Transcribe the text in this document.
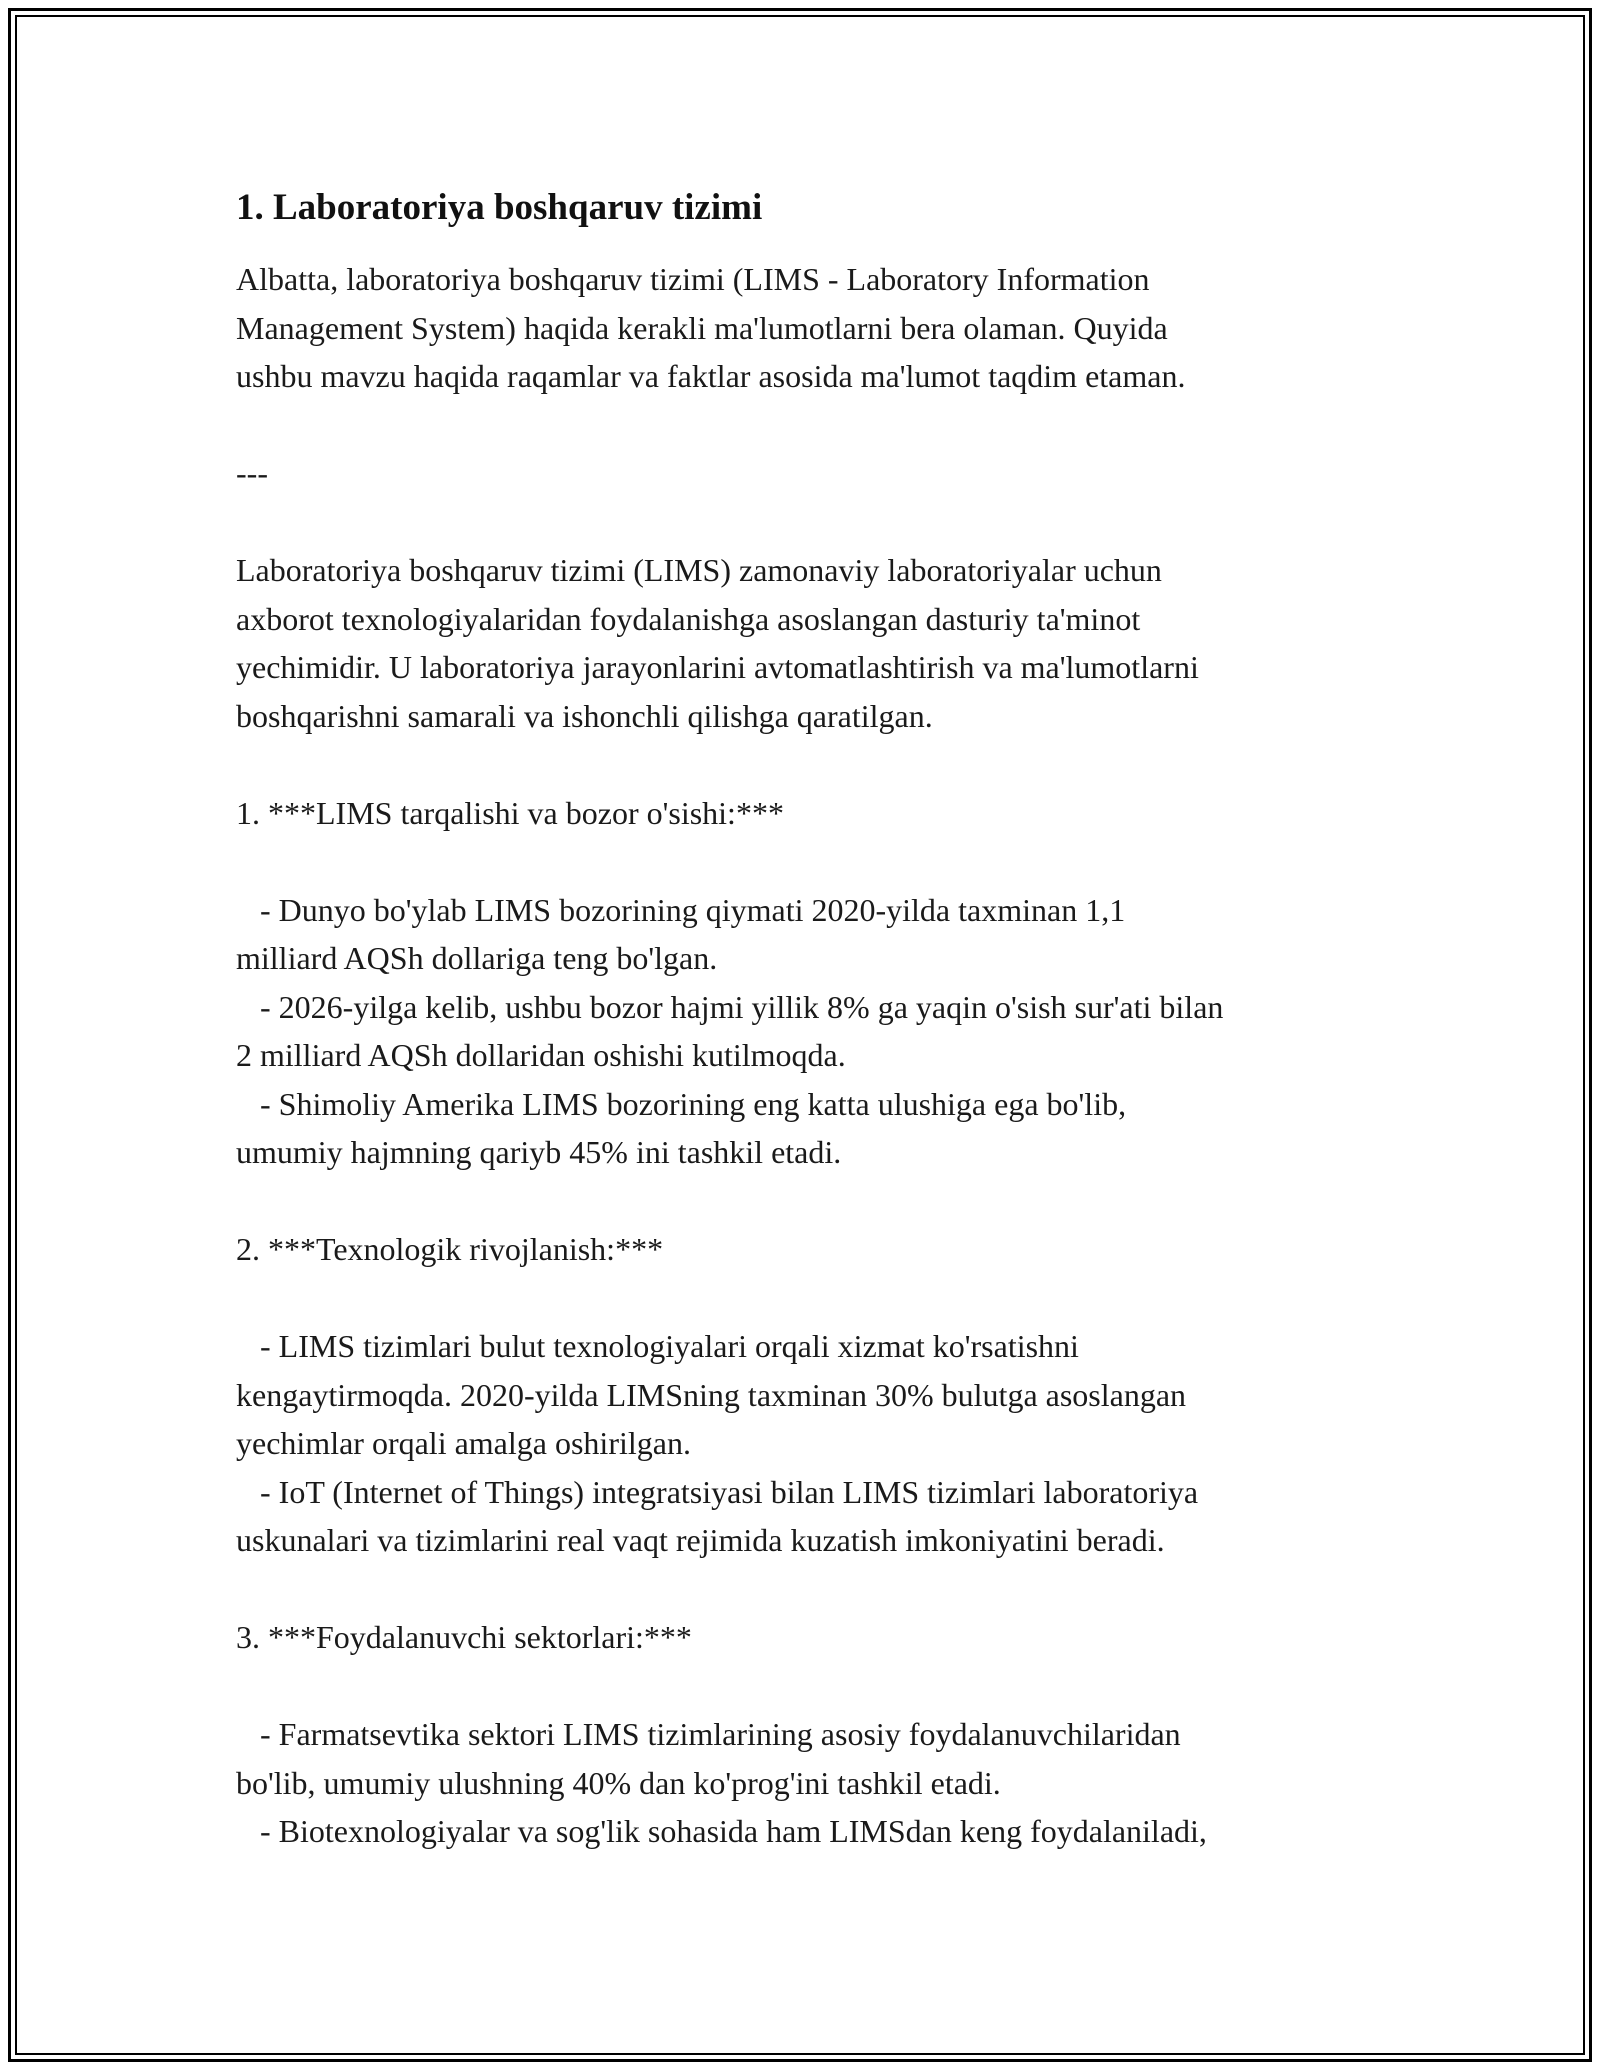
1. Laboratoriya boshqaruv tizimi

Albatta, laboratoriya boshqaruv tizimi (LIMS - Laboratory Information
Management System) haqida kerakli ma'lumotlarni bera olaman. Quyida
ushbu mavzu haqida raqamlar va faktlar asosida ma'lumot taqdim etaman.

---

Laboratoriya boshqaruv tizimi (LIMS) zamonaviy laboratoriyalar uchun
axborot texnologiyalaridan foydalanishga asoslangan dasturiy ta'minot
yechimidir. U laboratoriya jarayonlarini avtomatlashtirish va ma'lumotlarni
boshqarishni samarali va ishonchli qilishga qaratilgan.

1. ***LIMS tarqalishi va bozor o'sishi:***

- Dunyo bo'ylab LIMS bozorining qiymati 2020-yilda taxminan 1,1
milliard AQSh dollariga teng bo'lgan.
- 2026-yilga kelib, ushbu bozor hajmi yillik 8% ga yaqin o'sish sur'ati bilan
2 milliard AQSh dollaridan oshishi kutilmoqda.
- Shimoliy Amerika LIMS bozorining eng katta ulushiga ega bo'lib,
umumiy hajmning qariyb 45% ini tashkil etadi.

2. ***Texnologik rivojlanish:***

- LIMS tizimlari bulut texnologiyalari orqali xizmat ko'rsatishni
kengaytirmoqda. 2020-yilda LIMSning taxminan 30% bulutga asoslangan
yechimlar orqali amalga oshirilgan.
- IoT (Internet of Things) integratsiyasi bilan LIMS tizimlari laboratoriya
uskunalari va tizimlarini real vaqt rejimida kuzatish imkoniyatini beradi.

3. ***Foydalanuvchi sektorlari:***

- Farmatsevtika sektori LIMS tizimlarining asosiy foydalanuvchilaridan
bo'lib, umumiy ulushning 40% dan ko'prog'ini tashkil etadi.
- Biotexnologiyalar va sog'lik sohasida ham LIMSdan keng foydalaniladi,
